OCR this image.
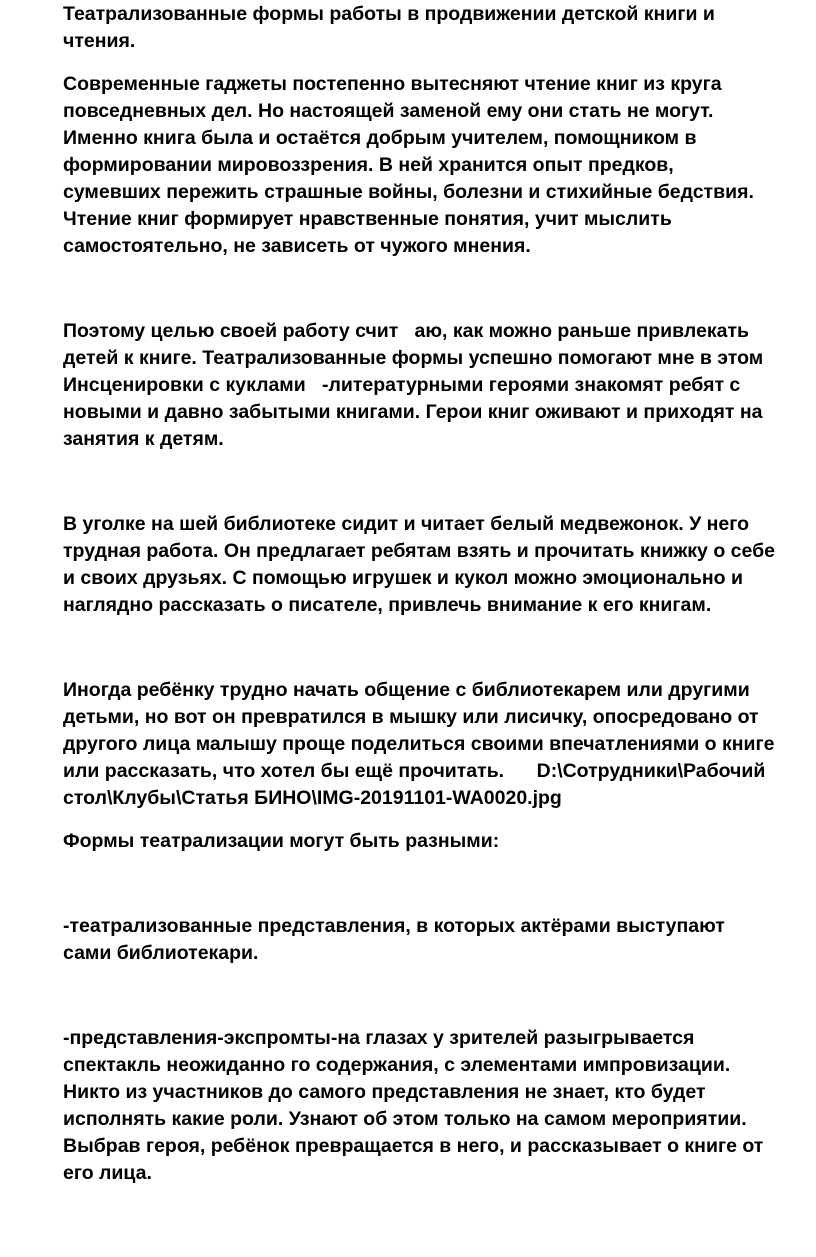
Театрализованные формы работы в продвижении детской книги и
чтения.
Современные гаджеты постепенно вытесняют чтение книг из круга
повседневных дел. Но настоящей заменой ему они стать не могут.
Именно книга была и остаётся добрым учителем, помощником в
формировании мировоззрения. В ней хранится опыт предков,
сумевших пережить страшные войны, болезни и стихийные бедствия.
Чтение книг формирует нравственные понятия, учит мыслить
самостоятельно, не зависеть от чужого мнения.
Поэтому целью своей работу счит   аю, как можно раньше привлекать
детей к книге. Театрализованные формы успешно помогают мне в этом
Инсценировки с куклами   -литературными героями знакомят ребят с
новыми и давно забытыми книгами. Герои книг оживают и приходят на
занятия к детям.
В уголке на шей библиотеке сидит и читает белый медвежонок. У него
трудная работа. Он предлагает ребятам взять и прочитать книжку о себе
и своих друзьях. С помощью игрушек и кукол можно эмоционально и
наглядно рассказать о писателе, привлечь внимание к его книгам.
Иногда ребёнку трудно начать общение с библиотекарем или другими
детьми, но вот он превратился в мышку или лисичку, опосредовано от
другого лица малышу проще поделиться своими впечатлениями о книге
или рассказать, что хотел бы ещё прочитать.      D:\Сотрудники\Рабочий
стол\Клубы\Статья БИНО\IMG-20191101-WA0020.jpg
Формы театрализации могут быть разными:
-театрализованные представления, в которых актёрами выступают
сами библиотекари.
-представления-экспромты-на глазах у зрителей разыгрывается
спектакль неожиданно го содержания, с элементами импровизации.
Никто из участников до самого представления не знает, кто будет
исполнять какие роли. Узнают об этом только на самом мероприятии.
Выбрав героя, ребёнок превращается в него, и рассказывает о книге от
его лица.
